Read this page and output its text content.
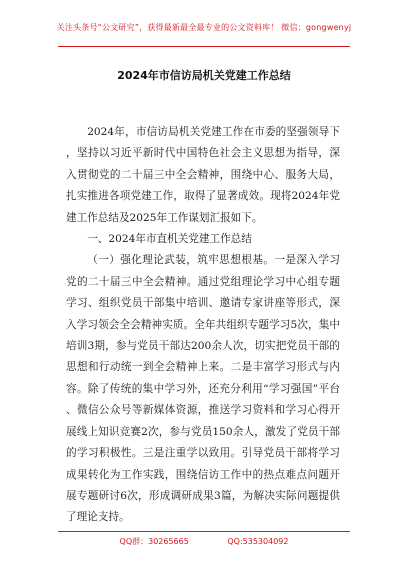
关注头条号“公文研究”，获得最新最全最专业的公文资料库！ 微信：gongwenyj
2024年市信访局机关党建工作总结

2024年，市信访局机关党建工作在市委的坚强领导下，坚持以习近平新时代中国特色社会主义思想为指导，深入贯彻党的二十届三中全会精神，围绕中心、服务大局，扎实推进各项党建工作，取得了显著成效。现将2024年党建工作总结及2025年工作谋划汇报如下。

一、2024年市直机关党建工作总结

（一）强化理论武装，筑牢思想根基。一是深入学习党的二十届三中全会精神。通过党组理论学习中心组专题学习、组织党员干部集中培训、邀请专家讲座等形式，深入学习领会全会精神实质。全年共组织专题学习5次，集中培训3期，参与党员干部达200余人次，切实把党员干部的思想和行动统一到全会精神上来。二是丰富学习形式与内容。除了传统的集中学习外，还充分利用“学习强国”平台、微信公众号等新媒体资源，推送学习资料和学习心得开展线上知识竞赛2次，参与党员150余人，激发了党员干部的学习积极性。三是注重学以致用。引导党员干部将学习成果转化为工作实践，围绕信访工作中的热点难点问题开展专题研讨6次，形成调研成果3篇，为解决实际问题提供了理论支持。

QQ群：30265665	QQ:535304092
